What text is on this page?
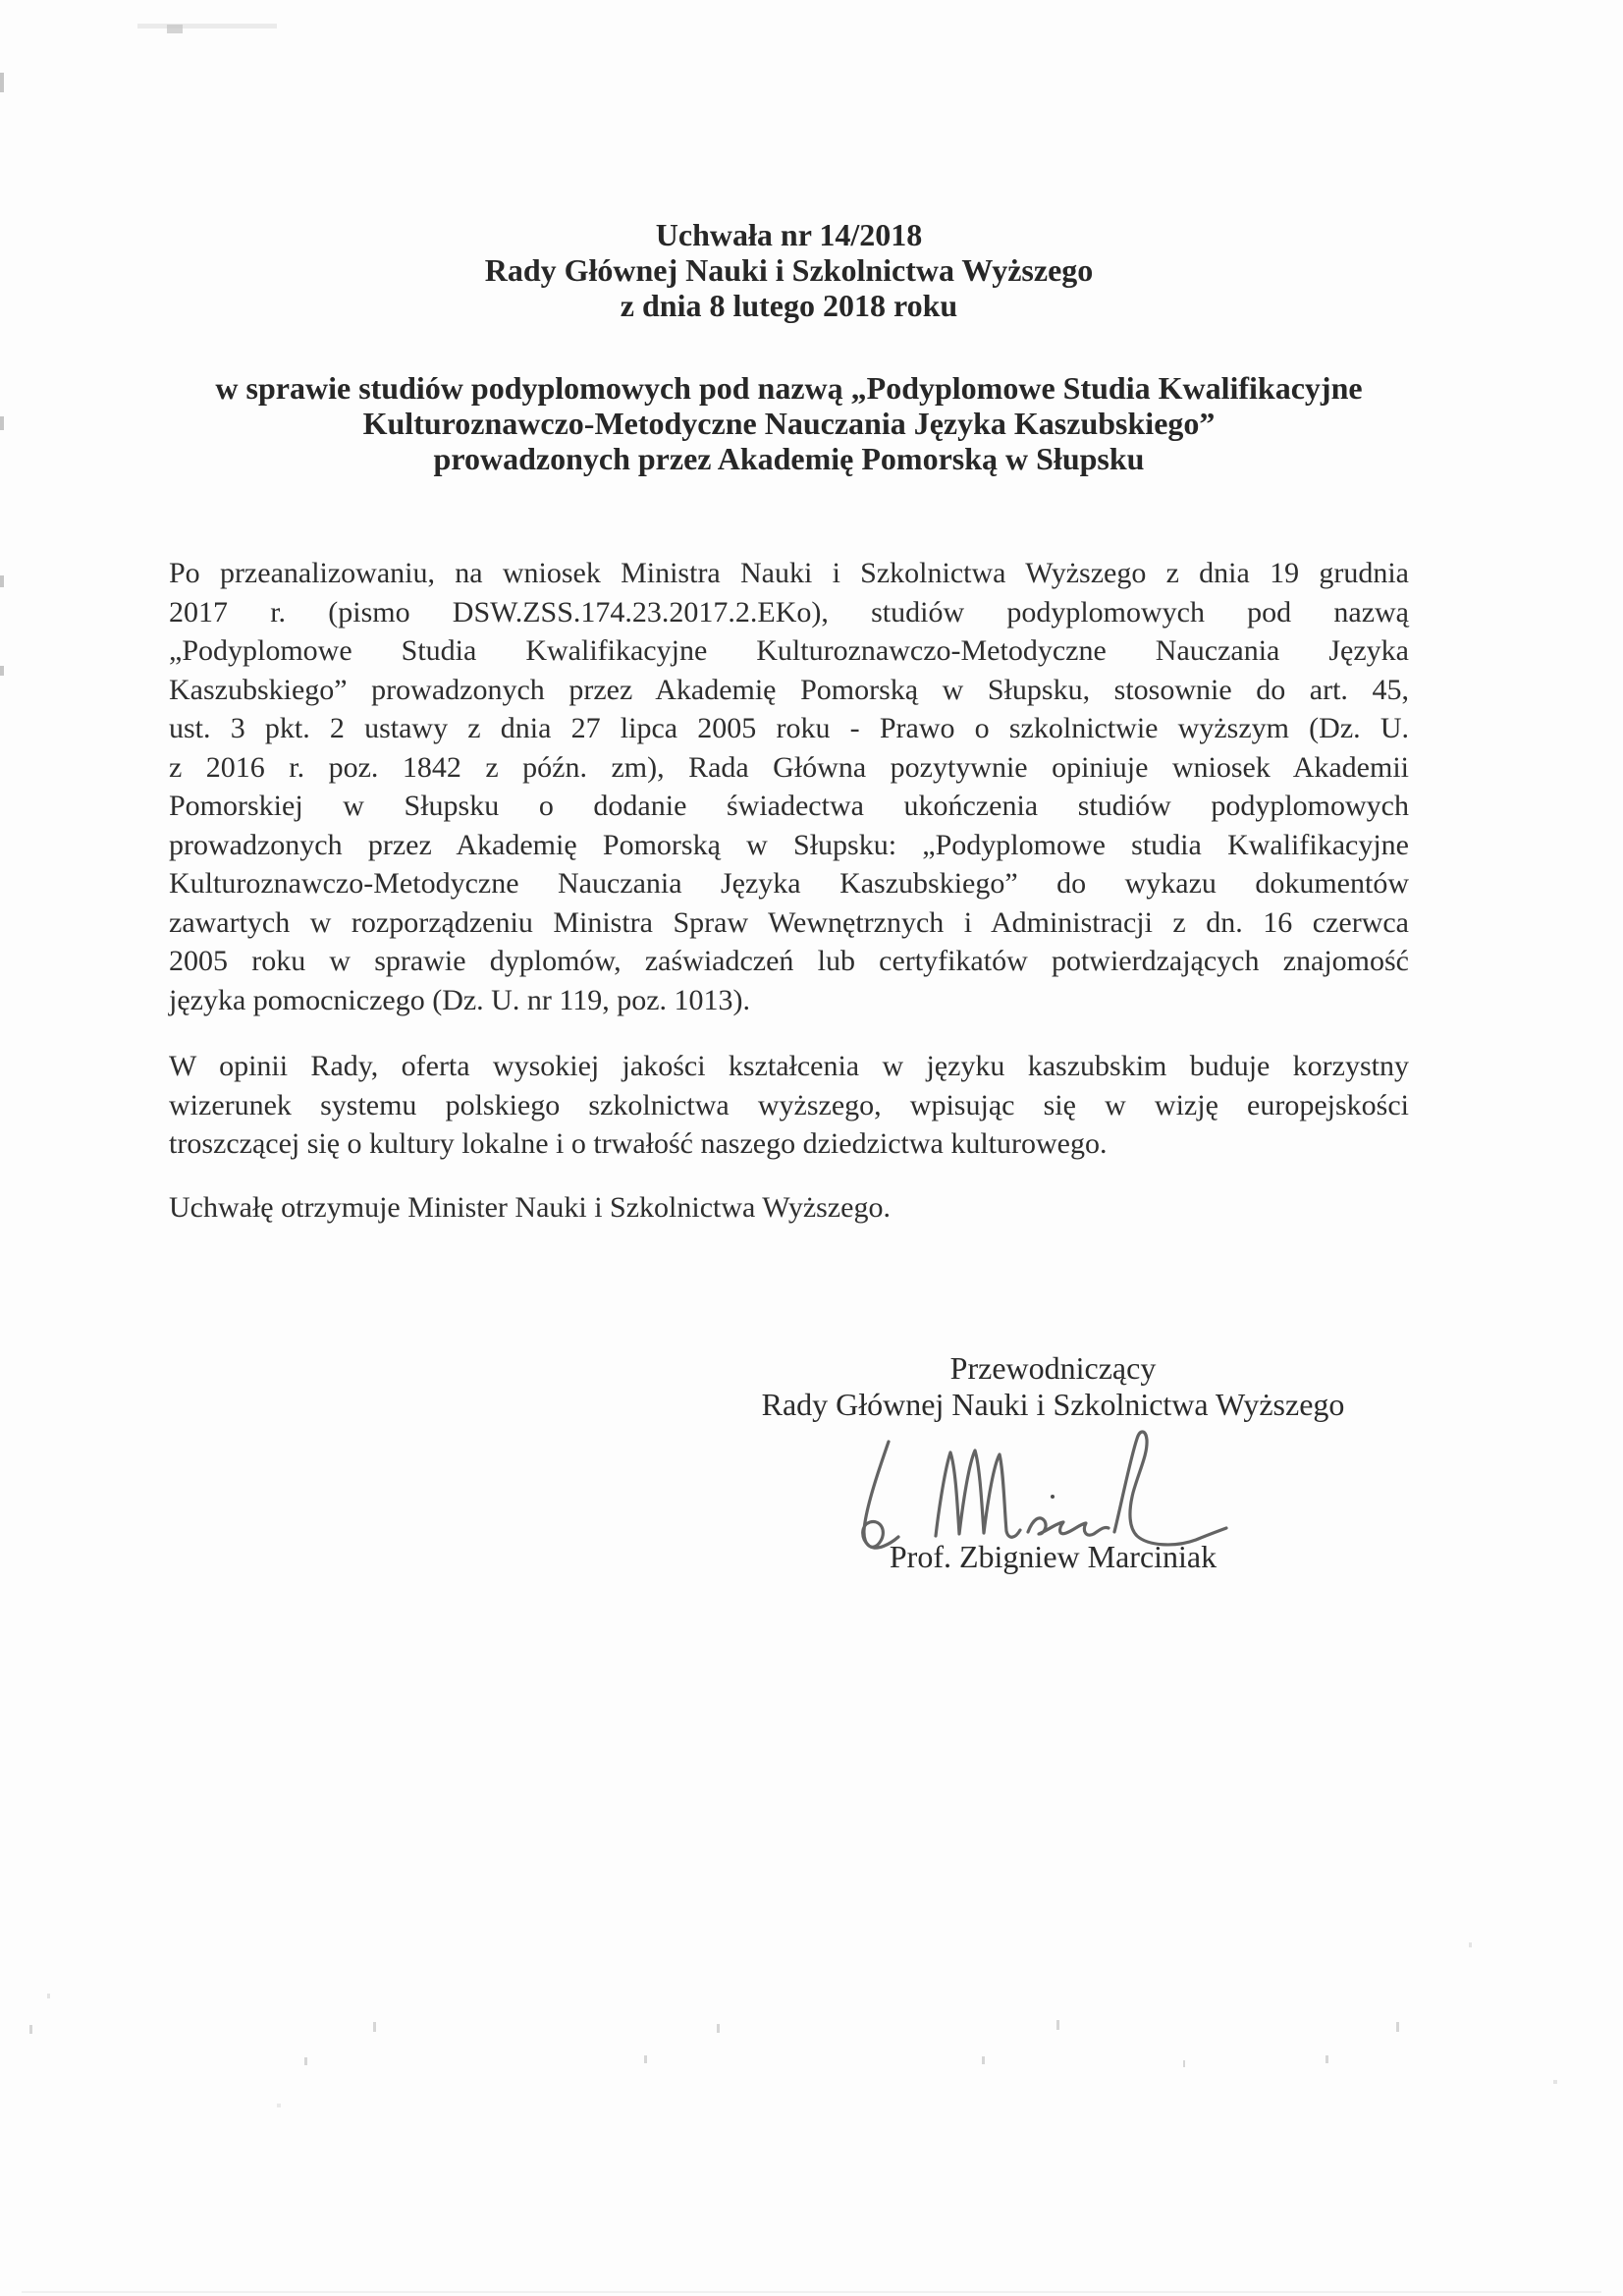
Uchwała nr 14/2018
Rady Głównej Nauki i Szkolnictwa Wyższego
z dnia 8 lutego 2018 roku
w sprawie studiów podyplomowych pod nazwą „Podyplomowe Studia Kwalifikacyjne
Kulturoznawczo-Metodyczne Nauczania Języka Kaszubskiego”
prowadzonych przez Akademię Pomorską w Słupsku
Po przeanalizowaniu, na wniosek Ministra Nauki i Szkolnictwa Wyższego z dnia 19 grudnia
2017 r. (pismo DSW.ZSS.174.23.2017.2.EKo), studiów podyplomowych pod nazwą
„Podyplomowe Studia Kwalifikacyjne Kulturoznawczo-Metodyczne Nauczania Języka
Kaszubskiego” prowadzonych przez Akademię Pomorską w Słupsku, stosownie do art. 45,
ust. 3 pkt. 2 ustawy z dnia 27 lipca 2005 roku - Prawo o szkolnictwie wyższym (Dz. U.
z 2016 r. poz. 1842 z późn. zm), Rada Główna pozytywnie opiniuje wniosek Akademii
Pomorskiej w Słupsku o dodanie świadectwa ukończenia studiów podyplomowych
prowadzonych przez Akademię Pomorską w Słupsku: „Podyplomowe studia Kwalifikacyjne
Kulturoznawczo-Metodyczne Nauczania Języka Kaszubskiego” do wykazu dokumentów
zawartych w rozporządzeniu Ministra Spraw Wewnętrznych i Administracji z dn. 16 czerwca
2005 roku w sprawie dyplomów, zaświadczeń lub certyfikatów potwierdzających znajomość
języka pomocniczego (Dz. U. nr 119, poz. 1013).
W opinii Rady, oferta wysokiej jakości kształcenia w języku kaszubskim buduje korzystny
wizerunek systemu polskiego szkolnictwa wyższego, wpisując się w wizję europejskości
troszczącej się o kultury lokalne i o trwałość naszego dziedzictwa kulturowego.
Uchwałę otrzymuje Minister Nauki i Szkolnictwa Wyższego.
Przewodniczący
Rady Głównej Nauki i Szkolnictwa Wyższego
Prof. Zbigniew Marciniak
